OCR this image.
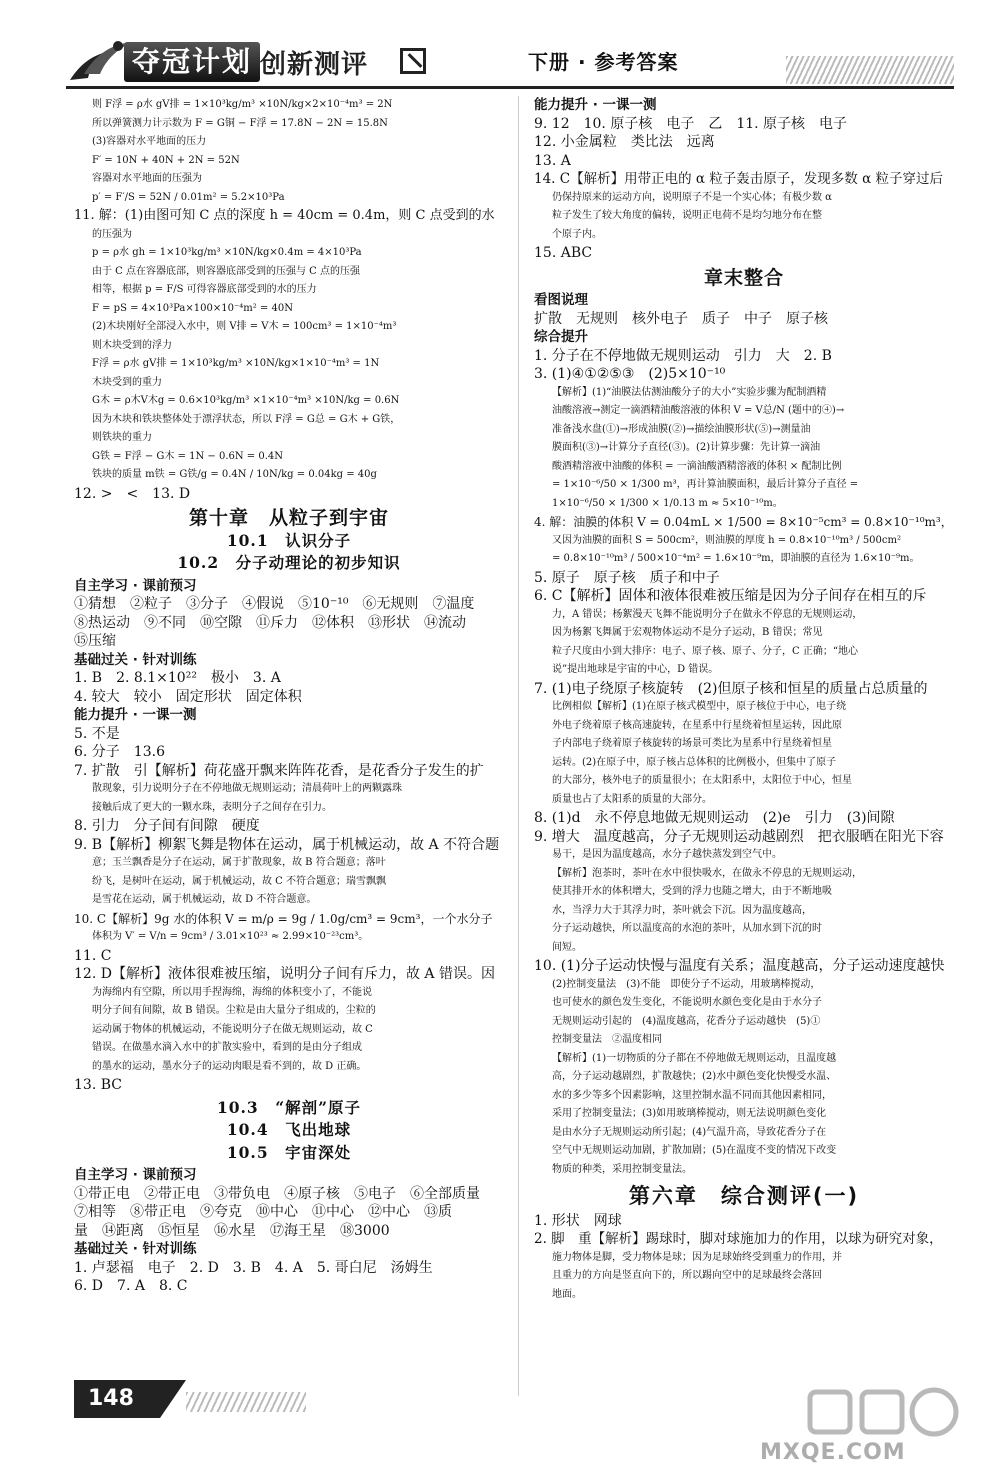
夺冠计划 创新测评	下册 · 参考答案
则 F浮 = ρ水 gV排 = 1×10³kg/m³ ×10N/kg×2×10⁻⁴m³ = 2N
所以弹簧测力计示数为 F = G铜 − F浮 = 17.8N − 2N = 15.8N
(3)容器对水平地面的压力
F′ = 10N + 40N + 2N = 52N
容器对水平地面的压强为
p′ = F′/S = 52N / 0.01m² = 5.2×10³Pa
11. 解：(1)由图可知 C 点的深度 h = 40cm = 0.4m，则 C 点受到的水
的压强为
p = ρ水 gh = 1×10³kg/m³ ×10N/kg×0.4m = 4×10³Pa
由于 C 点在容器底部，则容器底部受到的压强与 C 点的压强
相等，根据 p = F/S 可得容器底部受到的水的压力
F = pS = 4×10³Pa×100×10⁻⁴m² = 40N
(2)木块刚好全部浸入水中，则 V排 = V木 = 100cm³ = 1×10⁻⁴m³
则木块受到的浮力
F浮 = ρ水 gV排 = 1×10³kg/m³ ×10N/kg×1×10⁻⁴m³ = 1N
木块受到的重力
G木 = ρ木V木g = 0.6×10³kg/m³ ×1×10⁻⁴m³ ×10N/kg = 0.6N
因为木块和铁块整体处于漂浮状态，所以 F浮 = G总 = G木 + G铁，
则铁块的重力
G铁 = F浮 − G木 = 1N − 0.6N = 0.4N
铁块的质量 m铁 = G铁/g = 0.4N / 10N/kg = 0.04kg = 40g
12. >　<　13. D
第十章　从粒子到宇宙
10.1　认识分子
10.2　分子动理论的初步知识
自主学习 · 课前预习
①猜想　②粒子　③分子　④假说　⑤10⁻¹⁰　⑥无规则　⑦温度
⑧热运动　⑨不同　⑩空隙　⑪斥力　⑫体积　⑬形状　⑭流动
⑮压缩
基础过关 · 针对训练
1. B　2. 8.1×10²²　极小　3. A
4. 较大　较小　固定形状　固定体积
能力提升 · 一课一测
5. 不是
6. 分子　13.6
7. 扩散　引【解析】荷花盛开飘来阵阵花香，是花香分子发生的扩
散现象，引力说明分子在不停地做无规则运动；清晨荷叶上的两颗露珠
接触后成了更大的一颗水珠，表明分子之间存在引力。
8. 引力　分子间有间隙　硬度
9. B【解析】柳絮飞舞是物体在运动，属于机械运动，故 A 不符合题
意；玉兰飘香是分子在运动，属于扩散现象，故 B 符合题意；落叶
纷飞，是树叶在运动，属于机械运动，故 C 不符合题意；瑞雪飘飘
是雪花在运动，属于机械运动，故 D 不符合题意。
10. C【解析】9g 水的体积 V = m/ρ = 9g / 1.0g/cm³ = 9cm³，一个水分子
体积为 V′ = V/n = 9cm³ / 3.01×10²³ ≈ 2.99×10⁻²³cm³。
11. C
12. D【解析】液体很难被压缩，说明分子间有斥力，故 A 错误。因
为海绵内有空隙，所以用手捏海绵，海绵的体积变小了，不能说
明分子间有间隙，故 B 错误。尘粒是由大量分子组成的，尘粒的
运动属于物体的机械运动，不能说明分子在做无规则运动，故 C
错误。在做墨水滴入水中的扩散实验中，看到的是由分子组成
的墨水的运动，墨水分子的运动肉眼是看不到的，故 D 正确。
13. BC
10.3　“解剖”原子
10.4　飞出地球
10.5　宇宙深处
自主学习 · 课前预习
①带正电　②带正电　③带负电　④原子核　⑤电子　⑥全部质量
⑦相等　⑧带正电　⑨夸克　⑩中心　⑪中心　⑫中心　⑬质
量　⑭距离　⑮恒星　⑯水星　⑰海王星　⑱3000
基础过关 · 针对训练
1. 卢瑟福　电子　2. D　3. B　4. A　5. 哥白尼　汤姆生
6. D　7. A　8. C
能力提升 · 一课一测
9. 12　10. 原子核　电子　乙　11. 原子核　电子
12. 小金属粒　类比法　远离
13. A
14. C【解析】用带正电的 α 粒子轰击原子，发现多数 α 粒子穿过后
仍保持原来的运动方向，说明原子不是一个实心体；有极少数 α
粒子发生了较大角度的偏转，说明正电荷不是均匀地分布在整
个原子内。
15. ABC
章末整合
看图说理
扩散　无规则　核外电子　质子　中子　原子核
综合提升
1. 分子在不停地做无规则运动　引力　大　2. B
3. (1)④①②⑤③　(2)5×10⁻¹⁰
【解析】(1)“油膜法估测油酸分子的大小”实验步骤为配制酒精
油酸溶液→测定一滴酒精油酸溶液的体积 V = V总/N (题中的④)→
准备浅水盘(①)→形成油膜(②)→描绘油膜形状(⑤)→测量油
膜面积(③)→计算分子直径(③)。(2)计算步骤：先计算一滴油
酸酒精溶液中油酸的体积 = 一滴油酸酒精溶液的体积 × 配制比例
= 1×10⁻⁶/50 × 1/300 m³，再计算油膜面积，最后计算分子直径 =
1×10⁻⁶/50 × 1/300 × 1/0.13 m ≈ 5×10⁻¹⁰m。
4. 解：油膜的体积 V = 0.04mL × 1/500 = 8×10⁻⁵cm³ = 0.8×10⁻¹⁰m³，
又因为油膜的面积 S = 500cm²，则油膜的厚度 h = 0.8×10⁻¹⁰m³ / 500cm²
= 0.8×10⁻¹⁰m³ / 500×10⁻⁴m² = 1.6×10⁻⁹m，即油膜的直径为 1.6×10⁻⁹m。
5. 原子　原子核　质子和中子
6. C【解析】固体和液体很难被压缩是因为分子间存在相互的斥
力，A 错误；杨絮漫天飞舞不能说明分子在做永不停息的无规则运动，
因为杨絮飞舞属于宏观物体运动不是分子运动，B 错误；常见
粒子尺度由小到大排序：电子、原子核、原子、分子，C 正确；“地心
说”提出地球是宇宙的中心，D 错误。
7. (1)电子绕原子核旋转　(2)但原子核和恒星的质量占总质量的
比例相似【解析】(1)在原子核式模型中，原子核位于中心，电子绕
外电子绕着原子核高速旋转，在星系中行星绕着恒星运转，因此原
子内部电子绕着原子核旋转的场景可类比为星系中行星绕着恒星
运转。(2)在原子中，原子核占总体积的比例极小，但集中了原子
的大部分，核外电子的质量很小；在太阳系中，太阳位于中心，恒星
质量也占了太阳系的质量的大部分。
8. (1)d　永不停息地做无规则运动　(2)e　引力　(3)间隙
9. 增大　温度越高，分子无规则运动越剧烈　把衣服晒在阳光下容
易干，是因为温度越高，水分子越快蒸发到空气中。
【解析】泡茶时，茶叶在水中很快吸水，在做永不停息的无规则运动，
使其排开水的体积增大，受到的浮力也随之增大，由于不断地吸
水，当浮力大于其浮力时，茶叶就会下沉。因为温度越高，
分子运动越快，所以温度高的水泡的茶叶，从加水到下沉的时
间短。
10. (1)分子运动快慢与温度有关系；温度越高，分子运动速度越快
(2)控制变量法　(3)不能　即使分子不运动，用玻璃棒搅动，
也可使水的颜色发生变化，不能说明水颜色变化是由于水分子
无规则运动引起的　(4)温度越高，花香分子运动越快　(5)①
控制变量法　②温度相同
【解析】(1)一切物质的分子都在不停地做无规则运动，且温度越
高，分子运动越剧烈，扩散越快；(2)水中颜色变化快慢受水温、
水的多少等多个因素影响，这里控制水温不同而其他因素相同，
采用了控制变量法；(3)如用玻璃棒搅动，则无法说明颜色变化
是由水分子无规则运动所引起；(4)气温升高，导致花香分子在
空气中无规则运动加剧，扩散加剧；(5)在温度不变的情况下改变
物质的种类，采用控制变量法。
第六章　综合测评(一)
1. 形状　网球
2. 脚　重【解析】踢球时，脚对球施加力的作用，以球为研究对象，
施力物体是脚，受力物体是球；因为足球始终受到重力的作用，并
且重力的方向是竖直向下的，所以踢向空中的足球最终会落回
地面。
148
MXQE.COM
